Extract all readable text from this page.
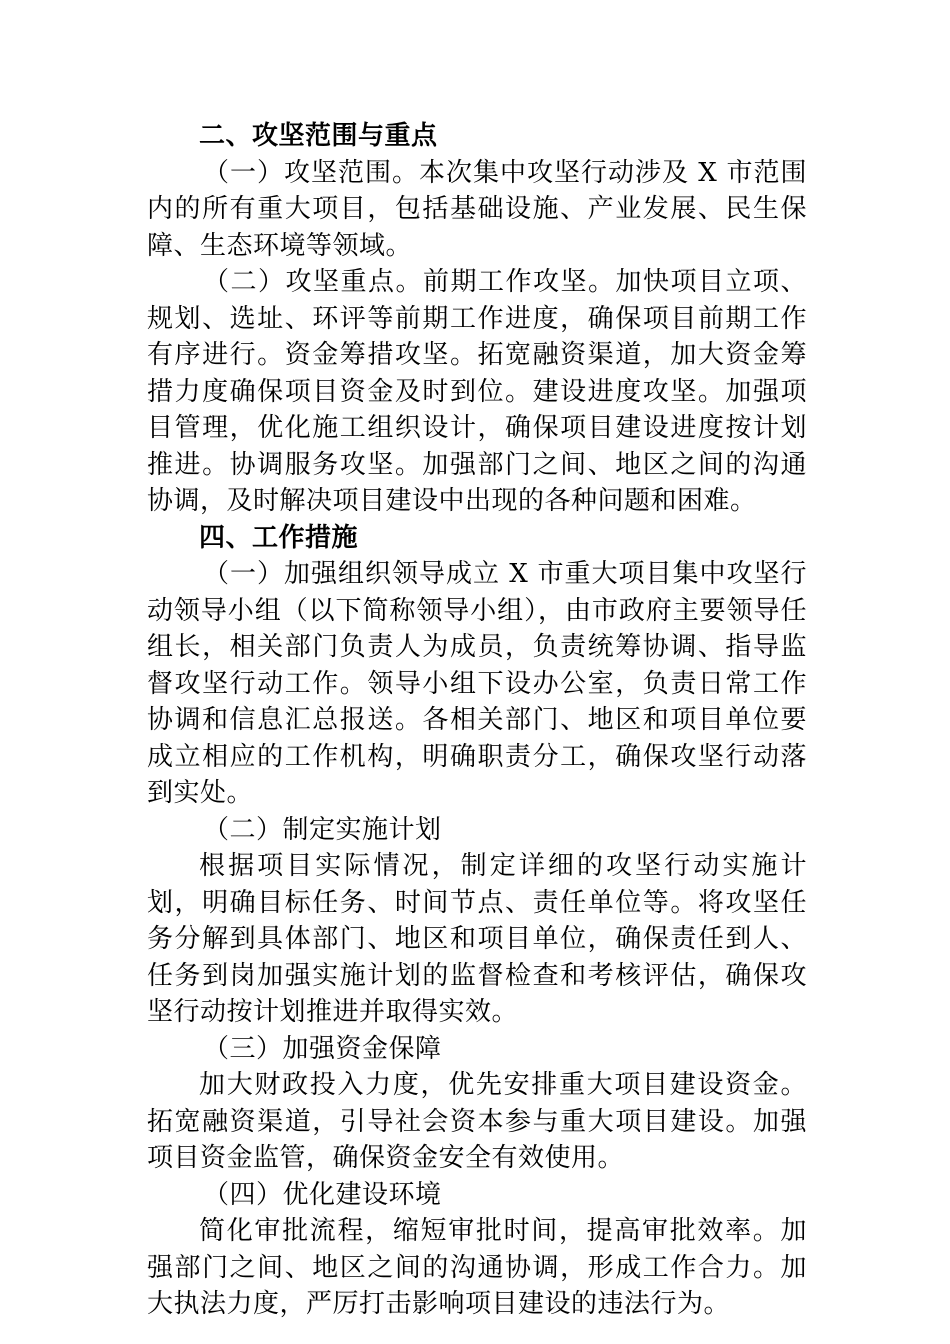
二、攻坚范围与重点

（一）攻坚范围。本次集中攻坚行动涉及 X 市范围内的所有重大项目，包括基础设施、产业发展、民生保障、生态环境等领域。

（二）攻坚重点。前期工作攻坚。加快项目立项、规划、选址、环评等前期工作进度，确保项目前期工作有序进行。资金筹措攻坚。拓宽融资渠道，加大资金筹措力度确保项目资金及时到位。建设进度攻坚。加强项目管理，优化施工组织设计，确保项目建设进度按计划推进。协调服务攻坚。加强部门之间、地区之间的沟通协调，及时解决项目建设中出现的各种问题和困难。

四、工作措施

（一）加强组织领导成立 X 市重大项目集中攻坚行动领导小组（以下简称领导小组），由市政府主要领导任组长，相关部门负责人为成员，负责统筹协调、指导监督攻坚行动工作。领导小组下设办公室，负责日常工作协调和信息汇总报送。各相关部门、地区和项目单位要成立相应的工作机构，明确职责分工，确保攻坚行动落到实处。

（二）制定实施计划

根据项目实际情况，制定详细的攻坚行动实施计划，明确目标任务、时间节点、责任单位等。将攻坚任务分解到具体部门、地区和项目单位，确保责任到人、任务到岗加强实施计划的监督检查和考核评估，确保攻坚行动按计划推进并取得实效。

（三）加强资金保障

加大财政投入力度，优先安排重大项目建设资金。拓宽融资渠道，引导社会资本参与重大项目建设。加强项目资金监管，确保资金安全有效使用。

（四）优化建设环境

简化审批流程，缩短审批时间，提高审批效率。加强部门之间、地区之间的沟通协调，形成工作合力。加大执法力度，严厉打击影响项目建设的违法行为。
